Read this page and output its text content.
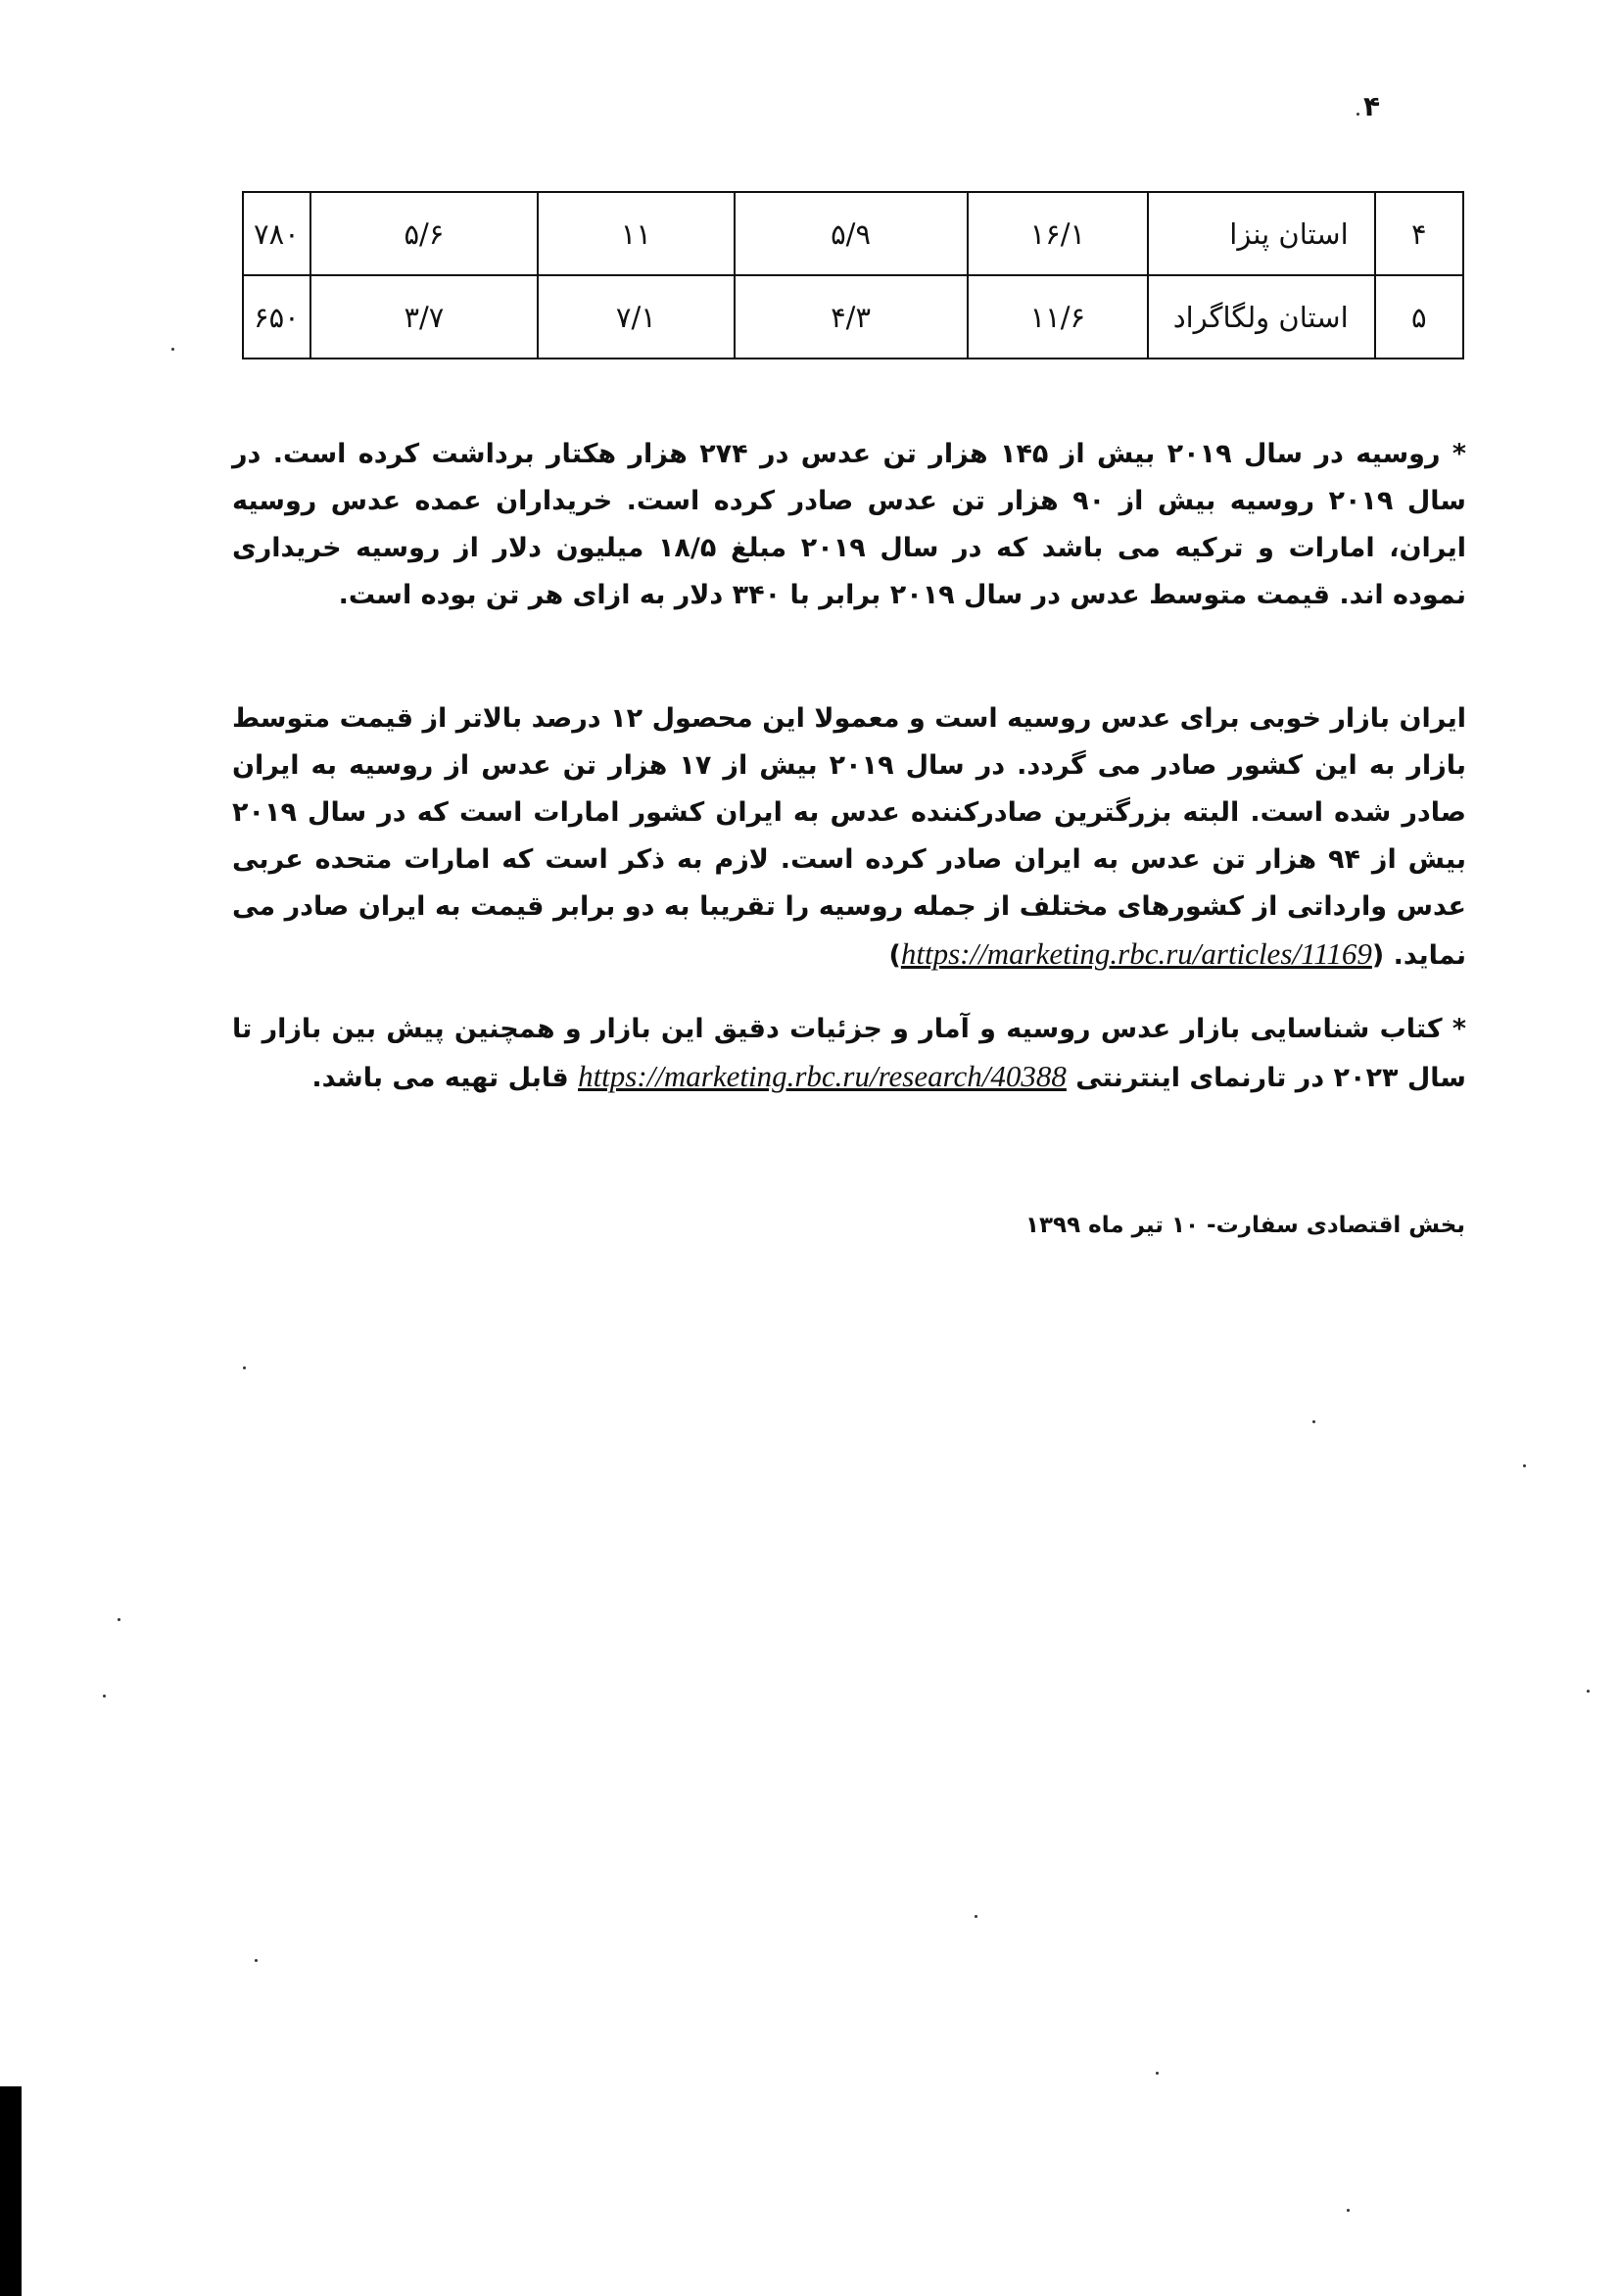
۴
۴	استان پنزا	۱۶/۱	۵/۹	۱۱	۵/۶	۷۸۰
۵	استان ولگاگراد	۱۱/۶	۴/۳	۷/۱	۳/۷	۶۵۰

* روسیه در سال ۲۰۱۹ بیش از ۱۴۵ هزار تن عدس در ۲۷۴ هزار هکتار برداشت کرده است. در سال ۲۰۱۹ روسیه بیش از ۹۰ هزار تن عدس صادر کرده است. خریداران عمده عدس روسیه ایران، امارات و ترکیه می باشد که در سال ۲۰۱۹ مبلغ ۱۸/۵ میلیون دلار از روسیه خریداری نموده اند. قیمت متوسط عدس در سال ۲۰۱۹ برابر با ۳۴۰ دلار به ازای هر تن بوده است.

ایران بازار خوبی برای عدس روسیه است و معمولا این محصول ۱۲ درصد بالاتر از قیمت متوسط بازار به این کشور صادر می گردد. در سال ۲۰۱۹ بیش از ۱۷ هزار تن عدس از روسیه به ایران صادر شده است. البته بزرگترین صادرکننده عدس به ایران کشور امارات است که در سال ۲۰۱۹ بیش از ۹۴ هزار تن عدس به ایران صادر کرده است. لازم به ذکر است که امارات متحده عربی عدس وارداتی از کشورهای مختلف از جمله روسیه را تقریبا به دو برابر قیمت به ایران صادر می نماید. (https://marketing.rbc.ru/articles/11169)

* کتاب شناسایی بازار عدس روسیه و آمار و جزئیات دقیق این بازار و همچنین پیش بین بازار تا سال ۲۰۲۳ در تارنمای اینترنتی https://marketing.rbc.ru/research/40388 قابل تهیه می باشد.

بخش اقتصادی سفارت- ۱۰ تیر ماه ۱۳۹۹
